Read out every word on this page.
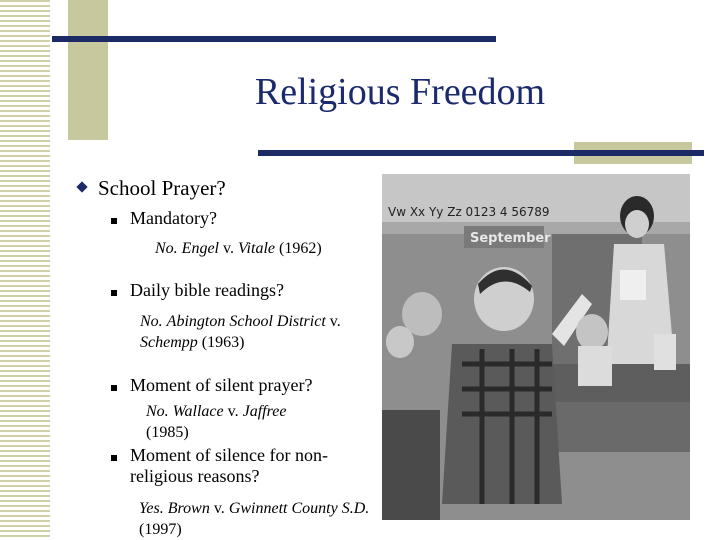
Religious Freedom
School Prayer?
Mandatory?
No. Engel v. Vitale (1962)
Daily bible readings?
No. Abington School District v.
Schempp (1963)
Moment of silent prayer?
No. Wallace v. Jaffree
(1985)
Moment of silence for non-
religious reasons?
Yes. Brown v. Gwinnett County S.D.
(1997)
Vw Xx Yy Zz 0123 4 56789
September
